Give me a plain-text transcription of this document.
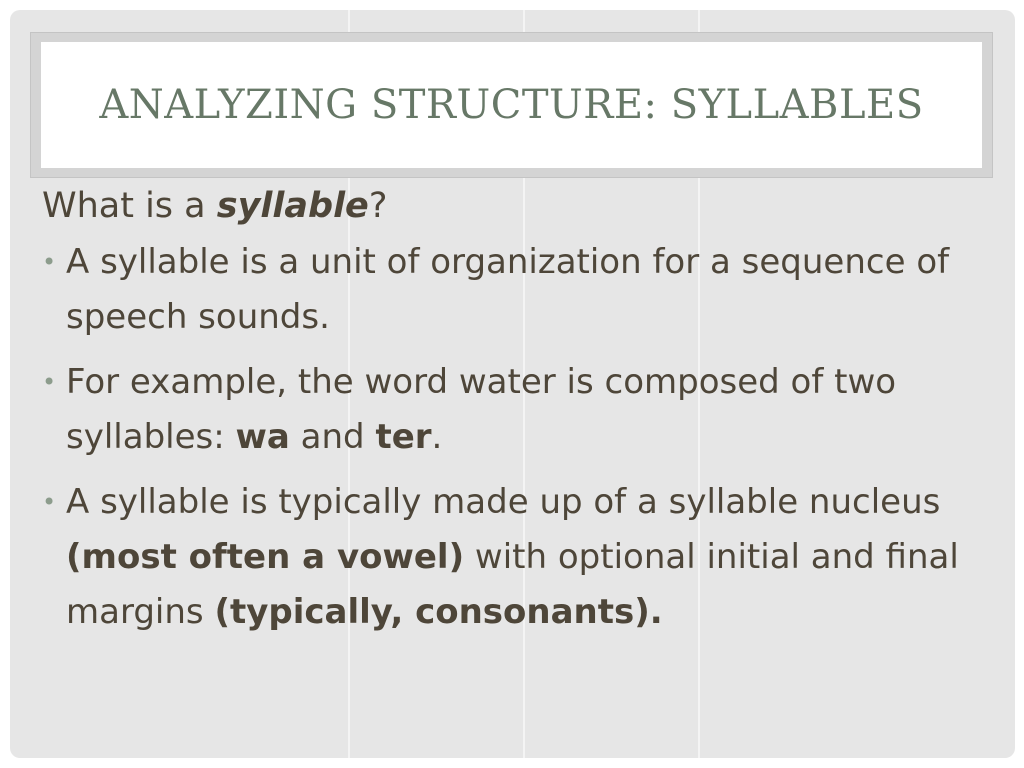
ANALYZING STRUCTURE: SYLLABLES

What is a syllable?

• A syllable is a unit of organization for a sequence of speech sounds.
• For example, the word water is composed of two syllables: wa and ter.
• A syllable is typically made up of a syllable nucleus (most often a vowel) with optional initial and final margins (typically, consonants).
